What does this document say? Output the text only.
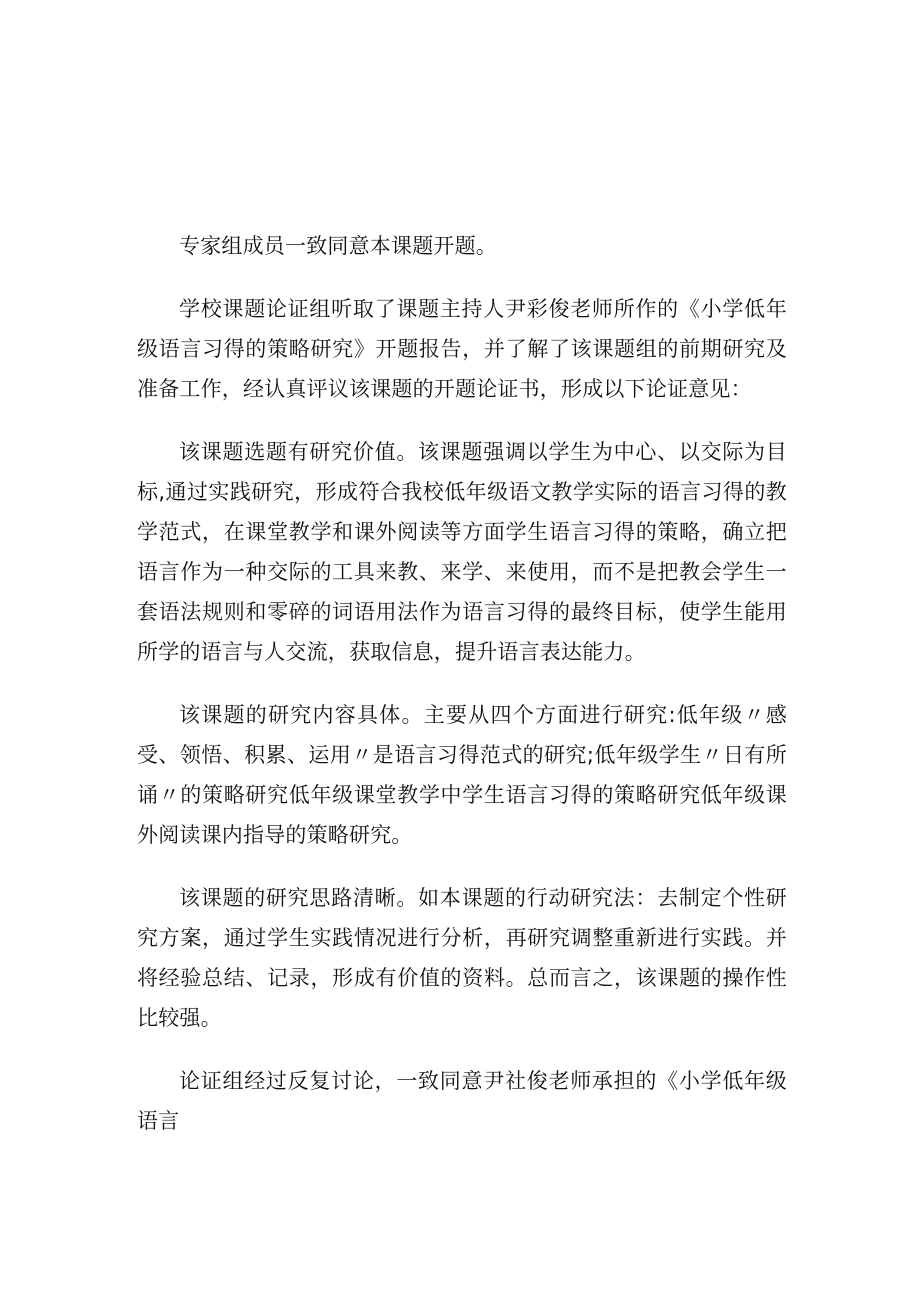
专家组成员一致同意本课题开题。

学校课题论证组听取了课题主持人尹彩俊老师所作的《小学低年级语言习得的策略研究》开题报告，并了解了该课题组的前期研究及准备工作，经认真评议该课题的开题论证书，形成以下论证意见：

该课题选题有研究价值。该课题强调以学生为中心、以交际为目标,通过实践研究，形成符合我校低年级语文教学实际的语言习得的教学范式，在课堂教学和课外阅读等方面学生语言习得的策略，确立把语言作为一种交际的工具来教、来学、来使用，而不是把教会学生一套语法规则和零碎的词语用法作为语言习得的最终目标，使学生能用所学的语言与人交流，获取信息，提升语言表达能力。

该课题的研究内容具体。主要从四个方面进行研究:低年级〃感受、领悟、积累、运用〃是语言习得范式的研究;低年级学生〃日有所诵〃的策略研究低年级课堂教学中学生语言习得的策略研究低年级课外阅读课内指导的策略研究。

该课题的研究思路清晰。如本课题的行动研究法：去制定个性研究方案，通过学生实践情况进行分析，再研究调整重新进行实践。并将经验总结、记录，形成有价值的资料。总而言之，该课题的操作性比较强。

论证组经过反复讨论，一致同意尹社俊老师承担的《小学低年级语言
